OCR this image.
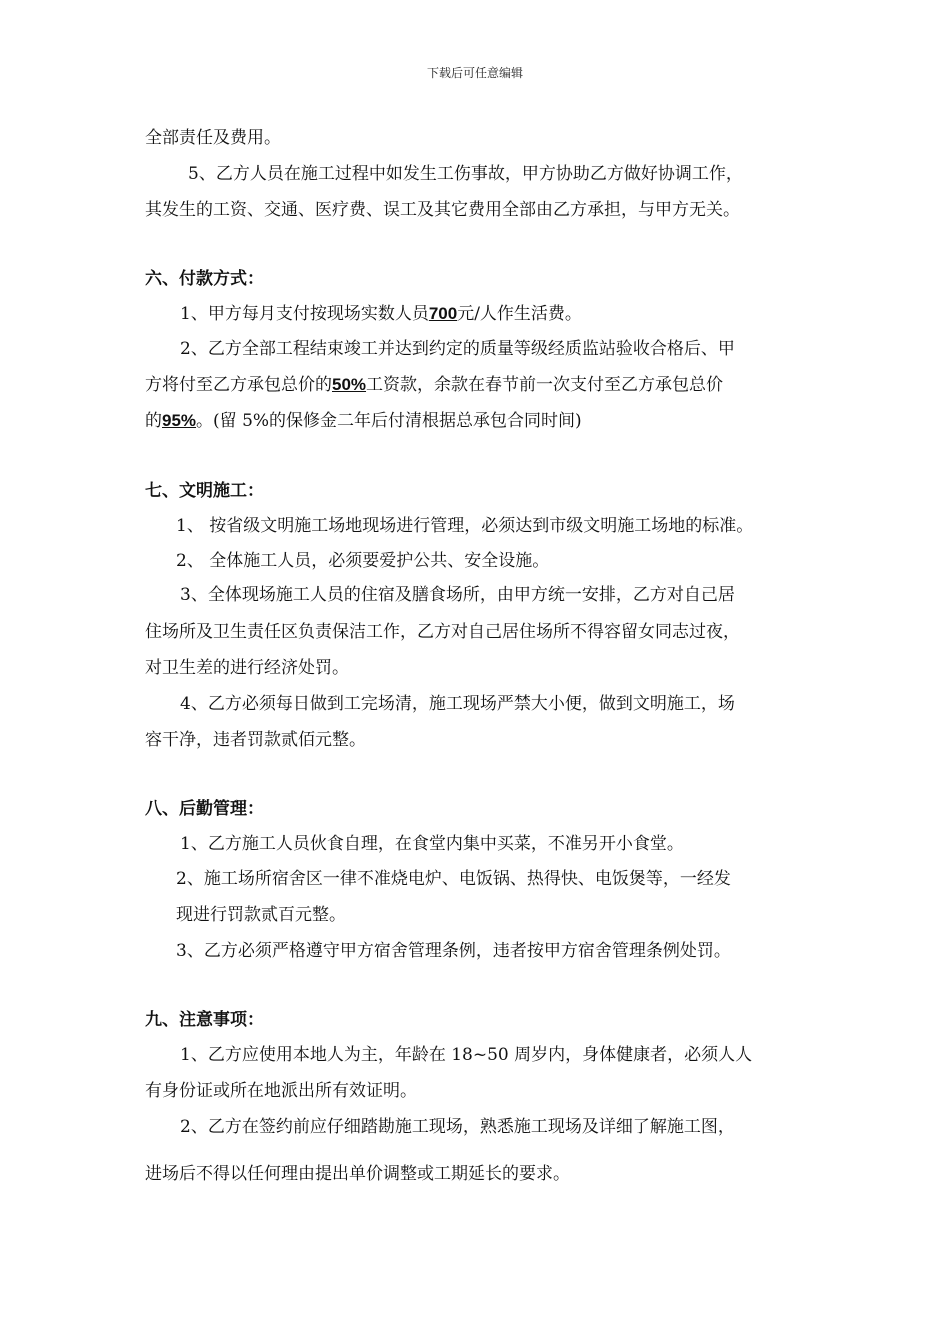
下载后可任意编辑
全部责任及费用。
5、乙方人员在施工过程中如发生工伤事故，甲方协助乙方做好协调工作，
其发生的工资、交通、医疗费、误工及其它费用全部由乙方承担，与甲方无关。
六、付款方式：
1、甲方每月支付按现场实数人员700元/人作生活费。
2、乙方全部工程结束竣工并达到约定的质量等级经质监站验收合格后、甲
方将付至乙方承包总价的50%工资款，余款在春节前一次支付至乙方承包总价
的95%。(留 5%的保修金二年后付清根据总承包合同时间)
七、文明施工：
1、 按省级文明施工场地现场进行管理，必须达到市级文明施工场地的标准。
2、 全体施工人员，必须要爱护公共、安全设施。
3、全体现场施工人员的住宿及膳食场所，由甲方统一安排，乙方对自己居
住场所及卫生责任区负责保洁工作，乙方对自己居住场所不得容留女同志过夜，
对卫生差的进行经济处罚。
4、乙方必须每日做到工完场清，施工现场严禁大小便，做到文明施工，场
容干净，违者罚款贰佰元整。
八、后勤管理：
1、乙方施工人员伙食自理，在食堂内集中买菜，不准另开小食堂。
2、施工场所宿舍区一律不准烧电炉、电饭锅、热得快、电饭煲等，一经发
现进行罚款贰百元整。
3、乙方必须严格遵守甲方宿舍管理条例，违者按甲方宿舍管理条例处罚。
九、注意事项：
1、乙方应使用本地人为主，年龄在 18~50 周岁内，身体健康者，必须人人
有身份证或所在地派出所有效证明。
2、乙方在签约前应仔细踏勘施工现场，熟悉施工现场及详细了解施工图，
进场后不得以任何理由提出单价调整或工期延长的要求。
